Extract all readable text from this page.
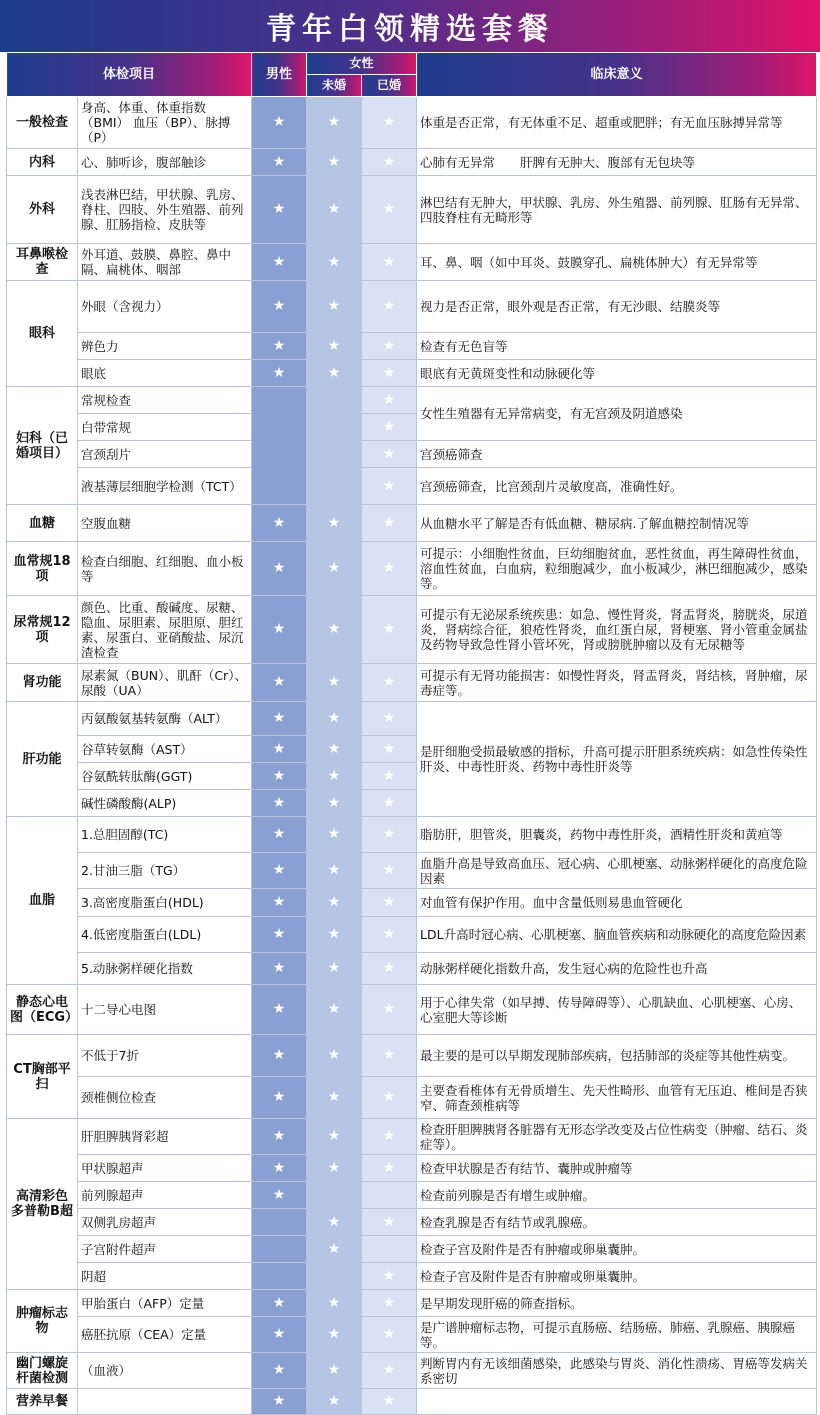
青年白领精选套餐
体检项目		男性	女性		临床意义
			未婚	已婚	
一般检查	身高、体重、体重指数（BMI） 血压（BP）、脉搏（P）	★	★	★	体重是否正常，有无体重不足、超重或肥胖；有无血压脉搏异常等
内科	心、肺听诊，腹部触诊	★	★	★	心肺有无异常　　肝脾有无肿大、腹部有无包块等
外科	浅表淋巴结，甲状腺、乳房、脊柱、四肢、外生殖器、前列腺、肛肠指检、皮肤等	★	★	★	淋巴结有无肿大，甲状腺、乳房、外生殖器、前列腺、肛肠有无异常、四肢脊柱有无畸形等
耳鼻喉检查	外耳道、鼓膜、鼻腔、鼻中隔、扁桃体、咽部	★	★	★	耳、鼻、咽（如中耳炎、鼓膜穿孔、扁桃体肿大）有无异常等
眼科	外眼（含视力）	★	★	★	视力是否正常，眼外观是否正常，有无沙眼、结膜炎等
	辨色力	★	★	★	检查有无色盲等
	眼底	★	★	★	眼底有无黄斑变性和动脉硬化等
妇科（已婚项目）	常规检查			★	女性生殖器有无异常病变，有无宫颈及阴道感染
	白带常规			★	
	宫颈刮片			★	宫颈癌筛查
	液基薄层细胞学检测（TCT）			★	宫颈癌筛查，比宫颈刮片灵敏度高，准确性好。
血糖	空腹血糖	★	★	★	从血糖水平了解是否有低血糖、糖尿病.了解血糖控制情况等
血常规18项	检查白细胞、红细胞、血小板等	★	★	★	可提示：小细胞性贫血，巨幼细胞贫血，恶性贫血，再生障碍性贫血，溶血性贫血，白血病，粒细胞减少，血小板减少，淋巴细胞减少，感染等。
尿常规12项	颜色、比重、酸碱度、尿糖、隐血、尿胆素、尿胆原、胆红素、尿蛋白、亚硝酸盐、尿沉渣检查	★	★	★	可提示有无泌尿系统疾患：如急、慢性肾炎，肾盂肾炎，膀胱炎，尿道炎，肾病综合征，狼疮性肾炎，血红蛋白尿，肾梗塞、肾小管重金属盐及药物导致急性肾小管坏死，肾或膀胱肿瘤以及有无尿糖等
肾功能	尿素氮（BUN）、肌酐（Cr）、尿酸（UA）	★	★	★	可提示有无肾功能损害：如慢性肾炎，肾盂肾炎，肾结核，肾肿瘤，尿毒症等。
肝功能	丙氨酸氨基转氨酶（ALT）	★	★	★	是肝细胞受损最敏感的指标，升高可提示肝胆系统疾病：如急性传染性肝炎、中毒性肝炎、药物中毒性肝炎等
	谷草转氨酶（AST）	★	★	★	
	谷氨酰转肽酶(GGT)	★	★	★	
	碱性磷酸酶(ALP)	★	★	★	
血脂	1.总胆固醇(TC)	★	★	★	脂肪肝，胆管炎，胆囊炎，药物中毒性肝炎，酒精性肝炎和黄疸等
	2.甘油三脂（TG）	★	★	★	血脂升高是导致高血压、冠心病、心肌梗塞、动脉粥样硬化的高度危险因素
	3.高密度脂蛋白(HDL)	★	★	★	对血管有保护作用。血中含量低则易患血管硬化
	4.低密度脂蛋白(LDL)	★	★	★	LDL升高时冠心病、心肌梗塞、脑血管疾病和动脉硬化的高度危险因素
	5.动脉粥样硬化指数	★	★	★	动脉粥样硬化指数升高，发生冠心病的危险性也升高
静态心电图（ECG）	十二导心电图	★	★	★	用于心律失常（如早搏、传导障碍等）、心肌缺血、心肌梗塞、心房、心室肥大等诊断
CT胸部平扫	不低于7折	★	★	★	最主要的是可以早期发现肺部疾病，包括肺部的炎症等其他性病变。
	颈椎侧位检查	★	★	★	主要查看椎体有无骨质增生、先天性畸形、血管有无压迫、椎间是否狭窄、筛查颈椎病等
高清彩色多普勒B超	肝胆脾胰肾彩超	★	★	★	检查肝胆脾胰肾各脏器有无形态学改变及占位性病变（肿瘤、结石、炎症等）。
	甲状腺超声	★	★	★	检查甲状腺是否有结节、囊肿或肿瘤等
	前列腺超声	★			检查前列腺是否有增生或肿瘤。
	双侧乳房超声		★	★	检查乳腺是否有结节或乳腺癌。
	子宫附件超声		★		检查子宫及附件是否有肿瘤或卵巢囊肿。
	阴超			★	检查子宫及附件是否有肿瘤或卵巢囊肿。
肿瘤标志物	甲胎蛋白（AFP）定量	★	★	★	是早期发现肝癌的筛查指标。
	癌胚抗原（CEA）定量	★	★	★	是广谱肿瘤标志物，可提示直肠癌、结肠癌、肺癌、乳腺癌、胰腺癌等。
幽门螺旋杆菌检测	（血液）	★	★	★	判断胃内有无该细菌感染，此感染与胃炎、消化性溃疡、胃癌等发病关系密切
营养早餐		★	★	★	
